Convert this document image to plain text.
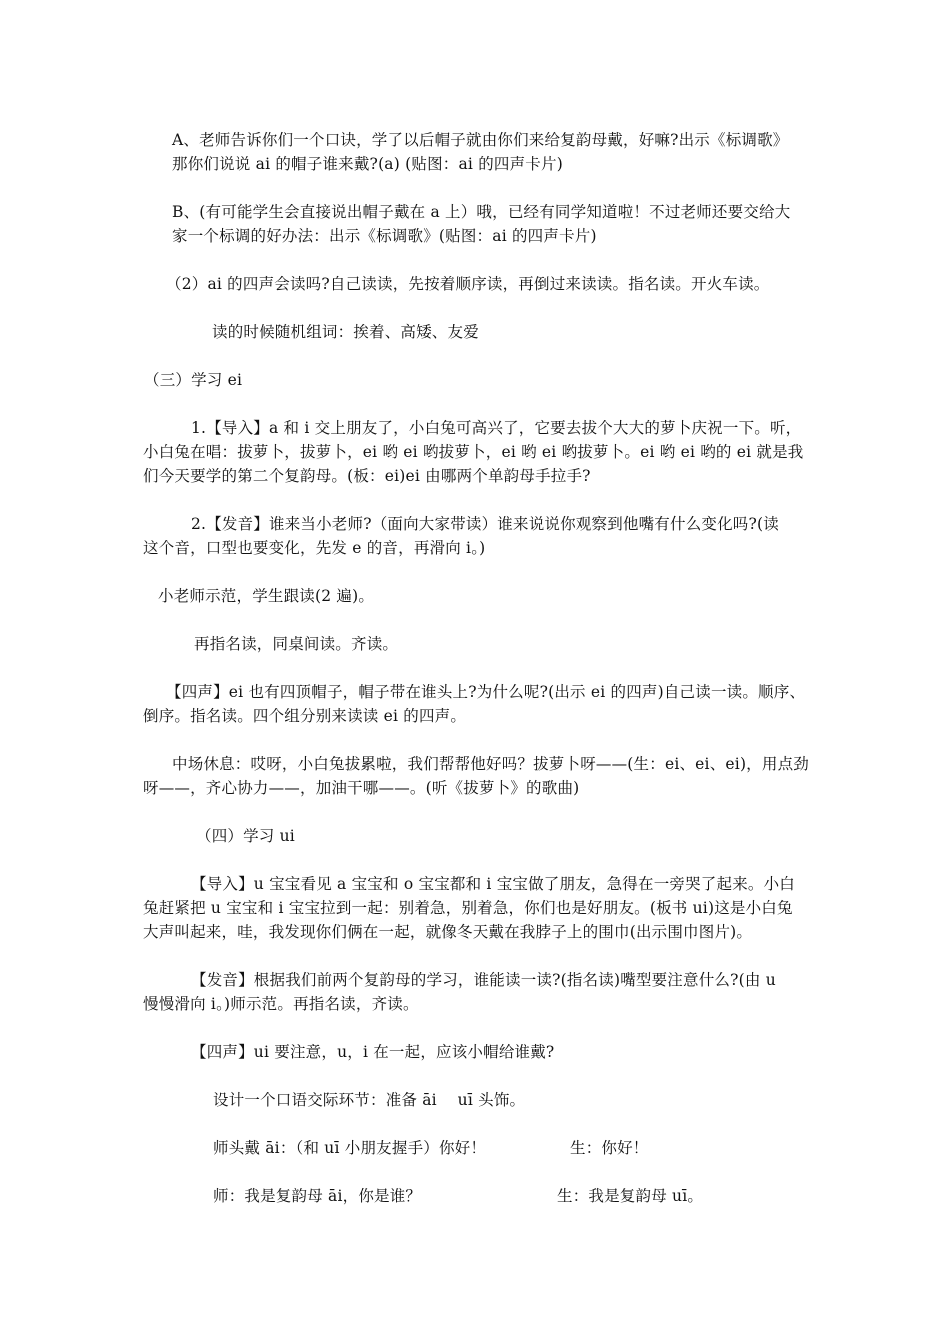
A、老师告诉你们一个口诀，学了以后帽子就由你们来给复韵母戴，好嘛?出示《标调歌》

那你们说说 ai 的帽子谁来戴?(a) (贴图：ai 的四声卡片)

B、(有可能学生会直接说出帽子戴在 a 上）哦，已经有同学知道啦！不过老师还要交给大

家一个标调的好办法：出示《标调歌》(贴图：ai 的四声卡片)

（2）ai 的四声会读吗?自己读读，先按着顺序读，再倒过来读读。指名读。开火车读。

读的时候随机组词：挨着、高矮、友爱

（三）学习 ei

1.【导入】a 和 i 交上朋友了，小白兔可高兴了，它要去拔个大大的萝卜庆祝一下。听，

小白兔在唱：拔萝卜，拔萝卜，ei 哟 ei 哟拔萝卜，ei 哟 ei 哟拔萝卜。ei 哟 ei 哟的 ei 就是我

们今天要学的第二个复韵母。(板：ei)ei 由哪两个单韵母手拉手?

2.【发音】谁来当小老师?（面向大家带读）谁来说说你观察到他嘴有什么变化吗?(读

这个音，口型也要变化，先发 e 的音，再滑向 i。)

小老师示范，学生跟读(2 遍)。

再指名读，同桌间读。齐读。

【四声】ei 也有四顶帽子，帽子带在谁头上?为什么呢?(出示 ei 的四声)自己读一读。顺序、

倒序。指名读。四个组分别来读读 ei 的四声。

中场休息：哎呀，小白兔拔累啦，我们帮帮他好吗？拔萝卜呀——(生：ei、ei、ei)，用点劲

呀——，齐心协力——，加油干哪——。(听《拔萝卜》的歌曲)

（四）学习 ui

【导入】u 宝宝看见 a 宝宝和 o 宝宝都和 i 宝宝做了朋友，急得在一旁哭了起来。小白

兔赶紧把 u 宝宝和 i 宝宝拉到一起：别着急，别着急，你们也是好朋友。(板书 ui)这是小白兔

大声叫起来，哇，我发现你们俩在一起，就像冬天戴在我脖子上的围巾(出示围巾图片)。

【发音】根据我们前两个复韵母的学习，谁能读一读?(指名读)嘴型要注意什么?(由 u

慢慢滑向 i。)师示范。再指名读，齐读。

【四声】ui 要注意，u，i 在一起，应该小帽给谁戴?

设计一个口语交际环节：准备 āi　 uī 头饰。

师头戴 āi：（和 uī 小朋友握手）你好！	生：你好！

师：我是复韵母 āi，你是谁？	生：我是复韵母 uī。
